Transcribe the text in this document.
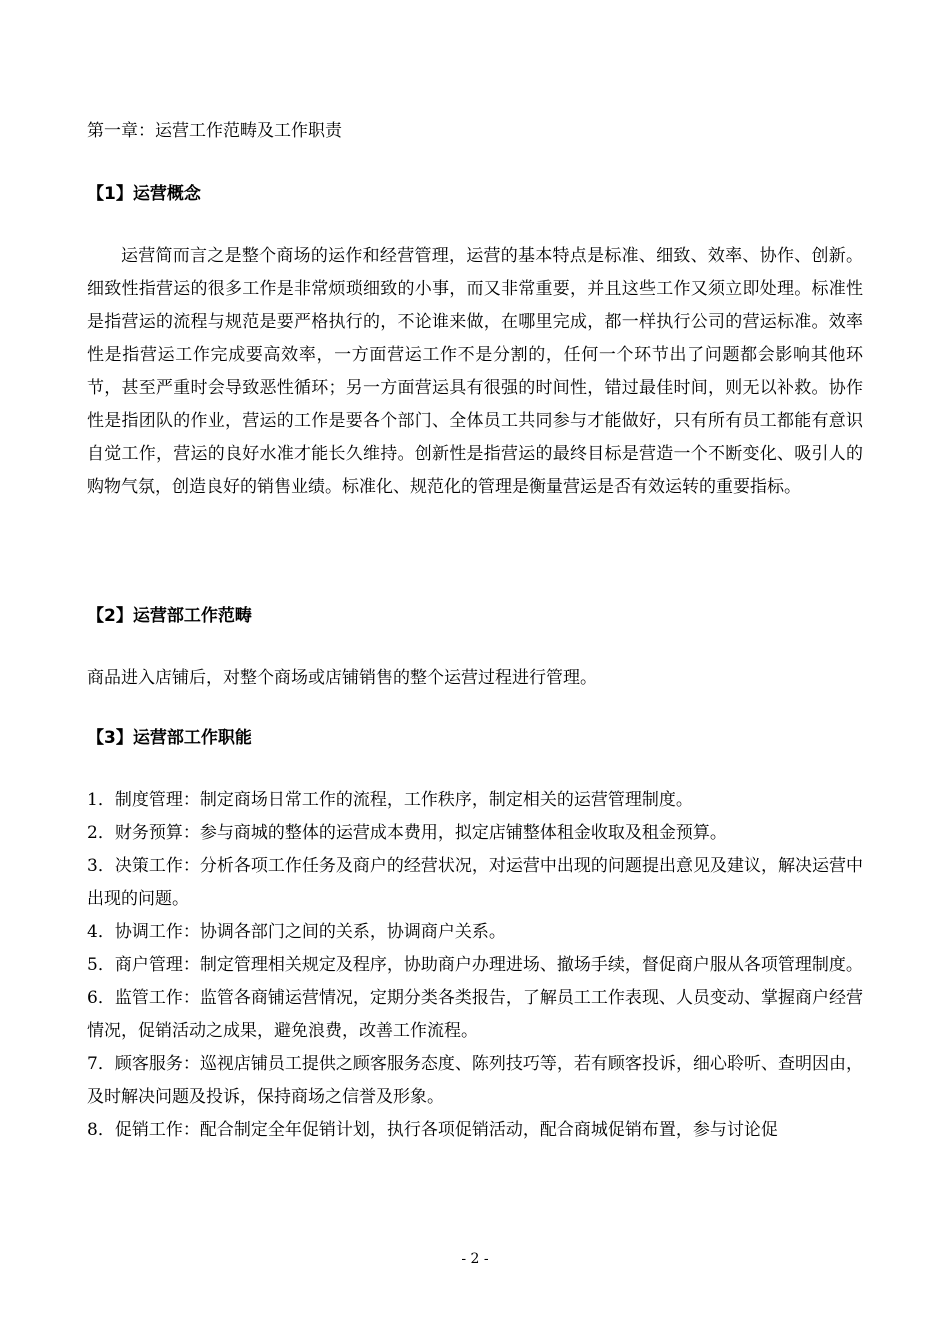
第一章：运营工作范畴及工作职责
【1】运营概念

运营简而言之是整个商场的运作和经营管理，运营的基本特点是标准、细致、效率、协作、创新。细致性指营运的很多工作是非常烦琐细致的小事，而又非常重要，并且这些工作又须立即处理。标准性是指营运的流程与规范是要严格执行的，不论谁来做，在哪里完成，都一样执行公司的营运标准。效率性是指营运工作完成要高效率，一方面营运工作不是分割的，任何一个环节出了问题都会影响其他环节，甚至严重时会导致恶性循环；另一方面营运具有很强的时间性，错过最佳时间，则无以补救。协作性是指团队的作业，营运的工作是要各个部门、全体员工共同参与才能做好，只有所有员工都能有意识自觉工作，营运的良好水准才能长久维持。创新性是指营运的最终目标是营造一个不断变化、吸引人的购物气氛，创造良好的销售业绩。标准化、规范化的管理是衡量营运是否有效运转的重要指标。

【2】运营部工作范畴

商品进入店铺后，对整个商场或店铺销售的整个运营过程进行管理。

【3】运营部工作职能
1．制度管理：制定商场日常工作的流程，工作秩序，制定相关的运营管理制度。
2．财务预算：参与商城的整体的运营成本费用，拟定店铺整体租金收取及租金预算。
3．决策工作：分析各项工作任务及商户的经营状况，对运营中出现的问题提出意见及建议，解决运营中出现的问题。
4．协调工作：协调各部门之间的关系，协调商户关系。
5．商户管理：制定管理相关规定及程序，协助商户办理进场、撤场手续，督促商户服从各项管理制度。
6．监管工作：监管各商铺运营情况，定期分类各类报告，了解员工工作表现、人员变动、掌握商户经营情况，促销活动之成果，避免浪费，改善工作流程。
7．顾客服务：巡视店铺员工提供之顾客服务态度、陈列技巧等，若有顾客投诉，细心聆听、查明因由，及时解决问题及投诉，保持商场之信誉及形象。
8．促销工作：配合制定全年促销计划，执行各项促销活动，配合商城促销布置，参与讨论促
- 2 -
